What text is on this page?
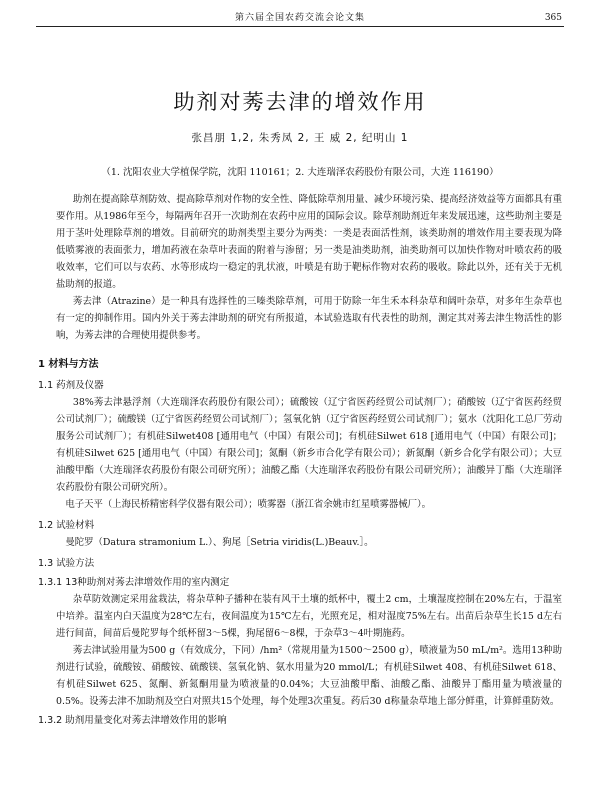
第六届全国农药交流会论文集	365
助剂对莠去津的增效作用
张昌朋 1,2, 朱秀凤 2, 王 威 2, 纪明山 1
（1. 沈阳农业大学植保学院，沈阳 110161；2. 大连瑞泽农药股份有限公司，大连 116190）

助剂在提高除草剂防效、提高除草剂对作物的安全性、降低除草剂用量、减少环境污染、提高经济效益等方面都具有重要作用。从1986年至今，每隔两年召开一次助剂在农药中应用的国际会议。除草剂助剂近年来发展迅速，这些助剂主要是用于茎叶处理除草剂的增效。目前研究的助剂类型主要分为两类：一类是表面活性剂，该类助剂的增效作用主要表现为降低喷雾液的表面张力，增加药液在杂草叶表面的附着与渗留；另一类是油类助剂，油类助剂可以加快作物对叶喷农药的吸收效率，它们可以与农药、水等形成均一稳定的乳状液，叶喷是有助于靶标作物对农药的吸收。除此以外，还有关于无机盐助剂的报道。

莠去津（Atrazine）是一种具有选择性的三嗪类除草剂，可用于防除一年生禾本科杂草和阔叶杂草，对多年生杂草也有一定的抑制作用。国内外关于莠去津助剂的研究有所报道，本试验选取有代表性的助剂，测定其对莠去津生物活性的影响，为莠去津的合理使用提供参考。

1 材料与方法
1.1 药剂及仪器

38%莠去津悬浮剂（大连瑞泽农药股份有限公司）；硫酸铵（辽宁省医药经贸公司试剂厂）；硝酸铵（辽宁省医药经贸公司试剂厂）；硫酸镁（辽宁省医药经贸公司试剂厂）；氢氧化钠（辽宁省医药经贸公司试剂厂）；氨水（沈阳化工总厂劳动服务公司试剂厂）；有机硅Silwet408 [通用电气（中国）有限公司]；有机硅Silwet 618 [通用电气（中国）有限公司]；有机硅Silwet 625 [通用电气（中国）有限公司]；氮酮（新乡市合化学有限公司）；新氮酮（新乡合化学有限公司）；大豆油酸甲酯（大连瑞泽农药股份有限公司研究所）；油酸乙酯（大连瑞泽农药股份有限公司研究所）；油酸异丁酯（大连瑞泽农药股份有限公司研究所）。

电子天平（上海民桥精密科学仪器有限公司）；喷雾器（浙江省余姚市红星喷雾器械厂）。

1.2 试验材料

曼陀罗（Datura stramonium L.）、狗尾［Setria viridis(L.)Beauv.］。

1.3 试验方法
1.3.1 13种助剂对莠去津增效作用的室内测定

杂草防效测定采用盆栽法，将杂草种子播种在装有风干土壤的纸杯中，覆土2 cm，土壤湿度控制在20%左右，于温室中培养。温室内白天温度为28℃左右，夜间温度为15℃左右，光照充足，相对湿度75%左右。出苗后杂草生长15 d左右进行间苗，间苗后曼陀罗每个纸杯留3～5棵，狗尾留6～8棵，于杂草3～4叶期施药。

莠去津试验用量为500 g（有效成分，下同）/hm²（常规用量为1500～2500 g），喷液量为50 mL/m²。选用13种助剂进行试验，硫酸铵、硝酸铵、硫酸镁、氢氧化钠、氨水用量为20 mmol/L；有机硅Silwet 408、有机硅Silwet 618、有机硅Silwet 625、氮酮、新氮酮用量为喷液量的0.04%；大豆油酸甲酯、油酸乙酯、油酸异丁酯用量为喷液量的0.5%。设莠去津不加助剂及空白对照共15个处理，每个处理3次重复。药后30 d称量杂草地上部分鲜重，计算鲜重防效。

1.3.2 助剂用量变化对莠去津增效作用的影响
